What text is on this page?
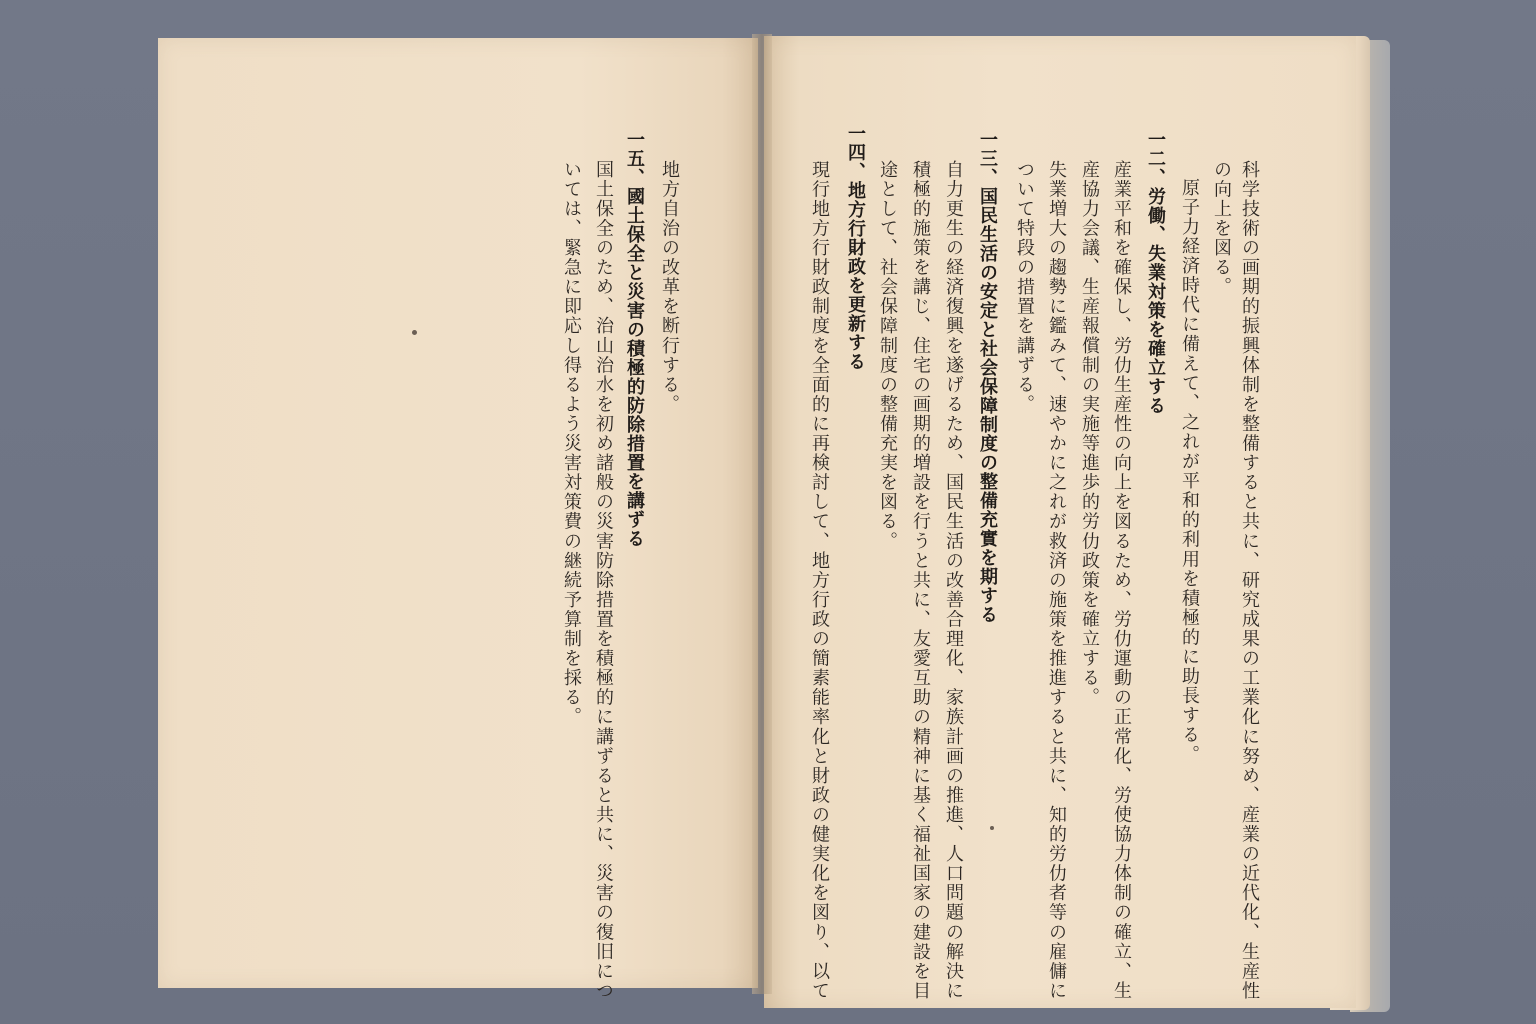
科学技術の画期的振興体制を整備すると共に、研究成果の工業化に努め、産業の近代化、生産性
の向上を図る。
原子力経済時代に備えて、之れが平和的利用を積極的に助長する。
一二、労働、失業対策を確立する
産業平和を確保し、労仂生産性の向上を図るため、労仂運動の正常化、労使協力体制の確立、生
産協力会議、生産報償制の実施等進歩的労仂政策を確立する。
失業増大の趨勢に鑑みて、速やかに之れが救済の施策を推進すると共に、知的労仂者等の雇傭に
ついて特段の措置を講ずる。
一三、国民生活の安定と社会保障制度の整備充實を期する
自力更生の経済復興を遂げるため、国民生活の改善合理化、家族計画の推進、人口問題の解決に
積極的施策を講じ、住宅の画期的増設を行うと共に、友愛互助の精神に基く福祉国家の建設を目
途として、社会保障制度の整備充実を図る。
一四、地方行財政を更新する
現行地方行財政制度を全面的に再検討して、地方行政の簡素能率化と財政の健実化を図り、以て
地方自治の改革を断行する。
一五、國土保全と災害の積極的防除措置を講ずる
国土保全のため、治山治水を初め諸般の災害防除措置を積極的に講ずると共に、災害の復旧につ
いては、緊急に即応し得るよう災害対策費の継続予算制を採る。
